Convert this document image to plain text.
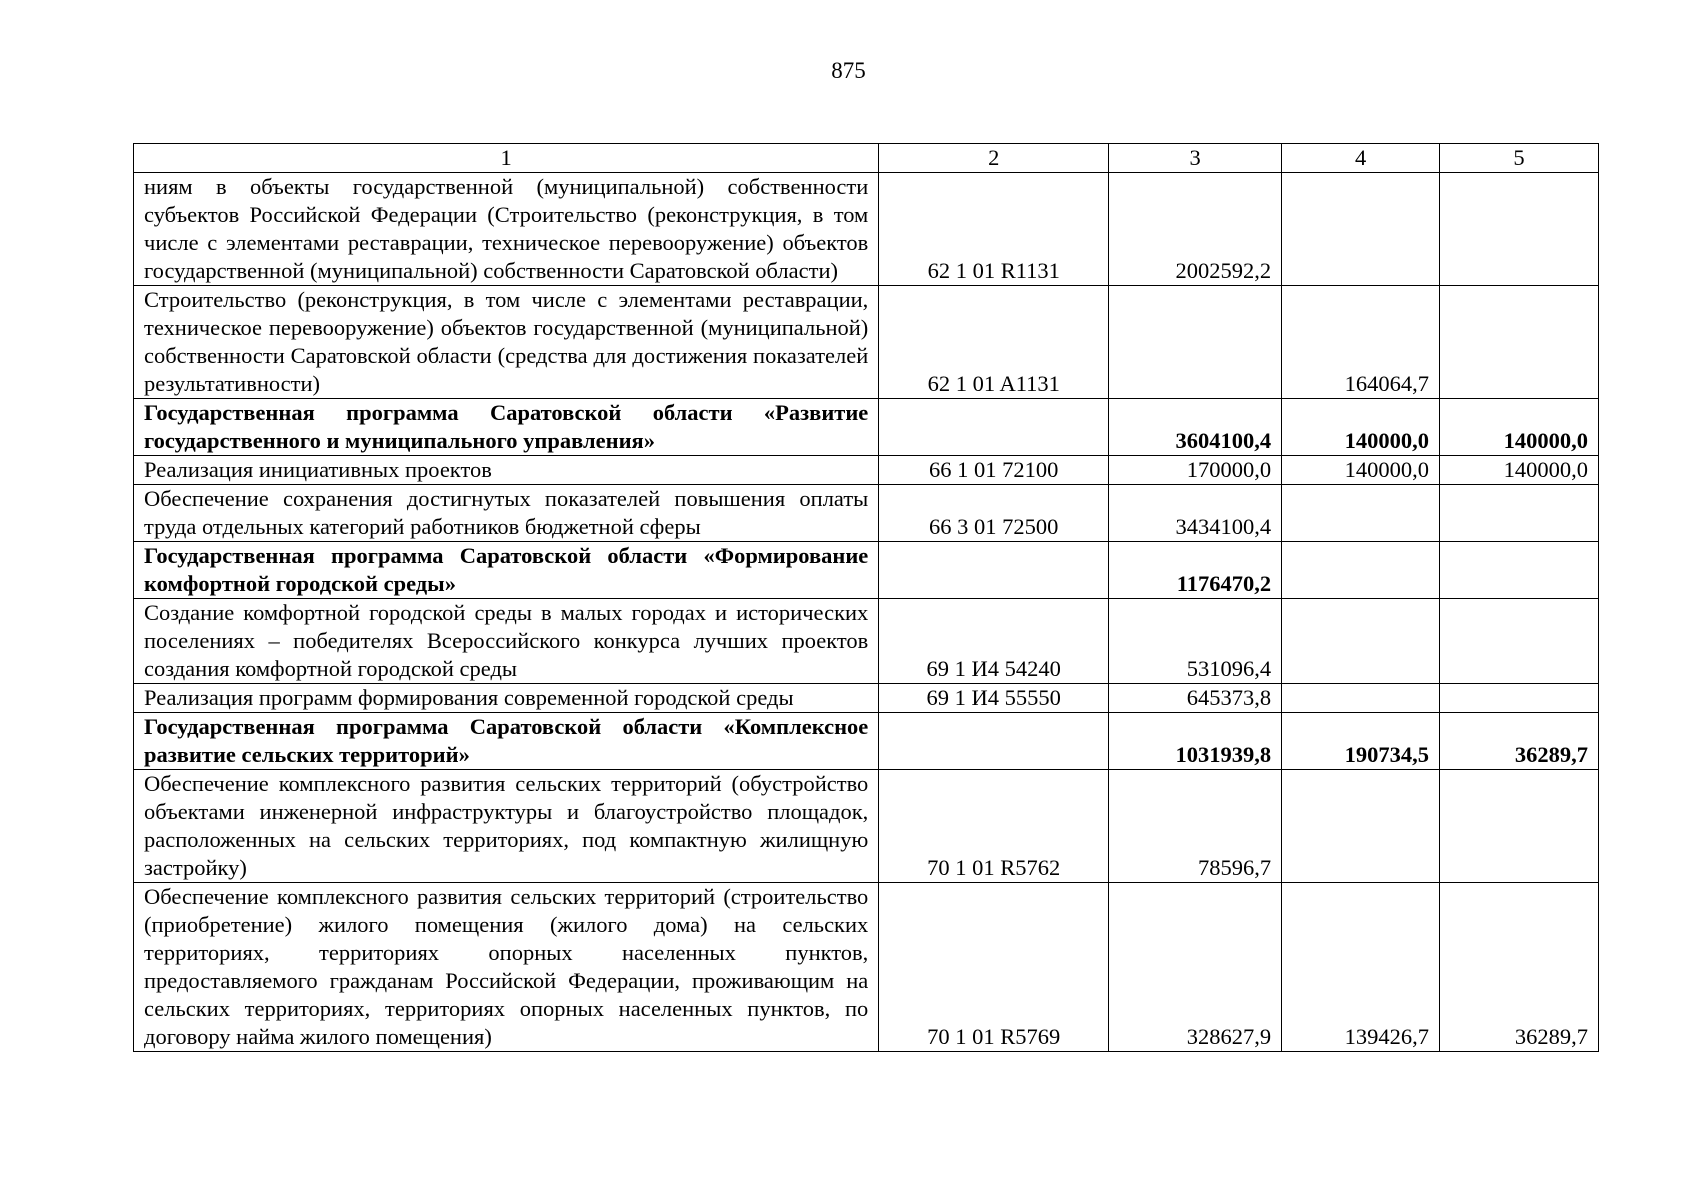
875
1	2	3	4	5
ниям в объекты государственной (муниципальной) собственности субъектов Российской Федерации (Строительство (реконструкция, в том числе с элементами реставрации, техническое перевооружение) объектов государственной (муниципальной) собственности Саратовской области)	62 1 01 R1131	2002592,2		
Строительство (реконструкция, в том числе с элементами реставрации, техническое перевооружение) объектов государственной (муниципальной) собственности Саратовской области (средства для достижения показателей результативности)	62 1 01 A1131		164064,7	
Государственная программа Саратовской области «Развитие государственного и муниципального управления»		3604100,4	140000,0	140000,0
Реализация инициативных проектов	66 1 01 72100	170000,0	140000,0	140000,0
Обеспечение сохранения достигнутых показателей повышения оплаты труда отдельных категорий работников бюджетной сферы	66 3 01 72500	3434100,4		
Государственная программа Саратовской области «Формирование комфортной городской среды»		1176470,2		
Создание комфортной городской среды в малых городах и исторических поселениях – победителях Всероссийского конкурса лучших проектов создания комфортной городской среды	69 1 И4 54240	531096,4		
Реализация программ формирования современной городской среды	69 1 И4 55550	645373,8		
Государственная программа Саратовской области «Комплексное развитие сельских территорий»		1031939,8	190734,5	36289,7
Обеспечение комплексного развития сельских территорий (обустройство объектами инженерной инфраструктуры и благоустройство площадок, расположенных на сельских территориях, под компактную жилищную застройку)	70 1 01 R5762	78596,7		
Обеспечение комплексного развития сельских территорий (строительство (приобретение) жилого помещения (жилого дома) на сельских территориях, территориях опорных населенных пунктов, предоставляемого гражданам Российской Федерации, проживающим на сельских территориях, территориях опорных населенных пунктов, по договору найма жилого помещения)	70 1 01 R5769	328627,9	139426,7	36289,7
